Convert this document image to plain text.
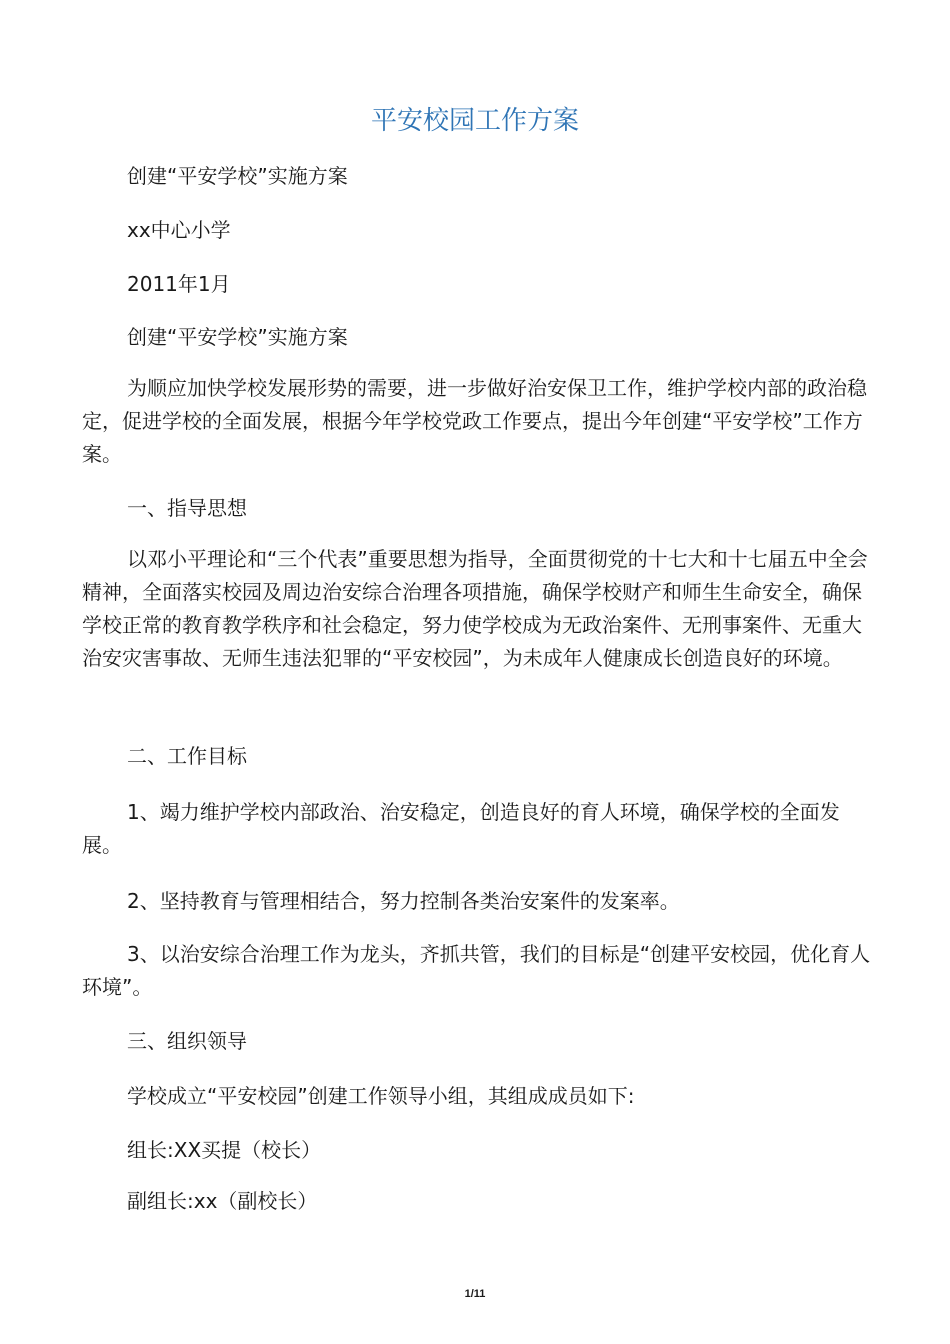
平安校园工作方案

创建“平安学校”实施方案

xx中心小学

2011年1月

创建“平安学校”实施方案

为顺应加快学校发展形势的需要，进一步做好治安保卫工作，维护学校内部的政治稳定，促进学校的全面发展，根据今年学校党政工作要点，提出今年创建“平安学校”工作方案。

一、指导思想

以邓小平理论和“三个代表”重要思想为指导，全面贯彻党的十七大和十七届五中全会精神，全面落实校园及周边治安综合治理各项措施，确保学校财产和师生生命安全，确保学校正常的教育教学秩序和社会稳定，努力使学校成为无政治案件、无刑事案件、无重大治安灾害事故、无师生违法犯罪的“平安校园”，为未成年人健康成长创造良好的环境。

二、工作目标

1、竭力维护学校内部政治、治安稳定，创造良好的育人环境，确保学校的全面发展。

2、坚持教育与管理相结合，努力控制各类治安案件的发案率。

3、以治安综合治理工作为龙头，齐抓共管，我们的目标是“创建平安校园，优化育人环境”。

三、组织领导

学校成立“平安校园”创建工作领导小组，其组成成员如下:

组长:XX买提（校长）

副组长:xx（副校长）

1/11
